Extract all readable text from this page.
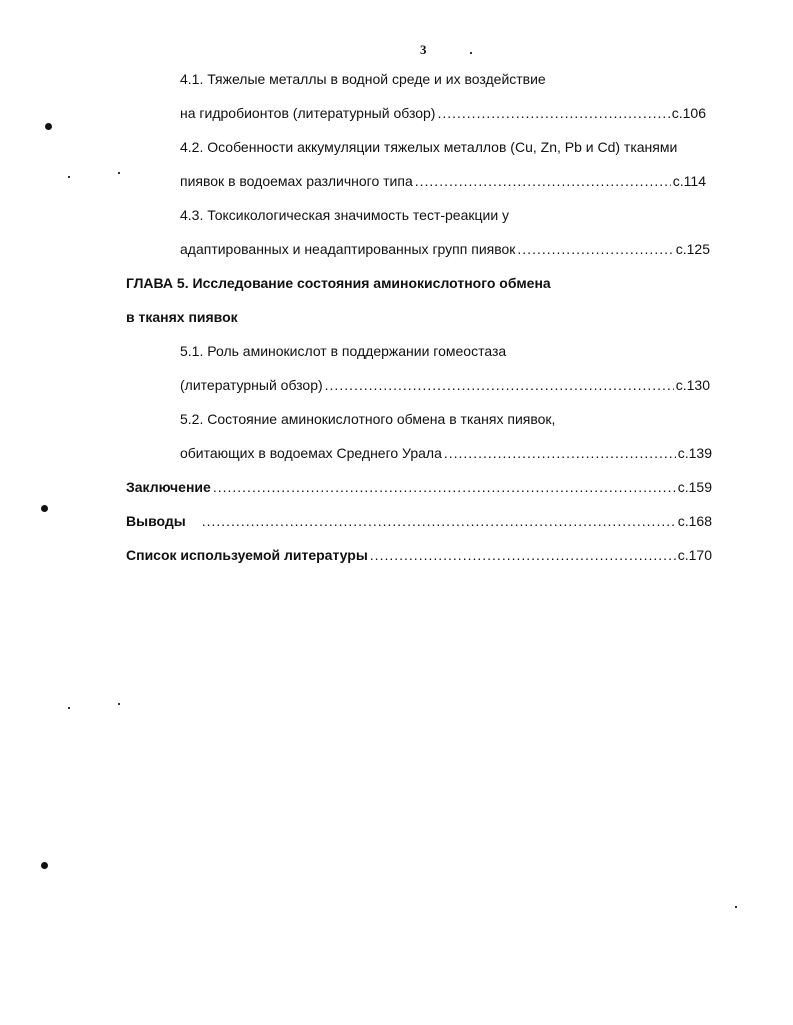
3
4.1. Тяжелые металлы в водной среде и их воздействие
на гидробионтов (литературный обзор) .....	с.106
4.2. Особенности аккумуляции тяжелых металлов (Cu, Zn, Pb и Cd) тканями
пиявок в водоемах различного типа .....	с.114
4.3. Токсикологическая значимость тест-реакции у
адаптированных и неадаптированных групп пиявок .....	с.125
ГЛАВА 5. Исследование состояния аминокислотного обмена
в тканях пиявок
5.1. Роль аминокислот в поддержании гомеостаза
(литературный обзор) .....	с.130
5.2. Состояние аминокислотного обмена в тканях пиявок,
обитающих в водоемах Среднего Урала .....	с.139
Заключение .....	с.159
Выводы .....	с.168
Список используемой литературы .....	с.170
